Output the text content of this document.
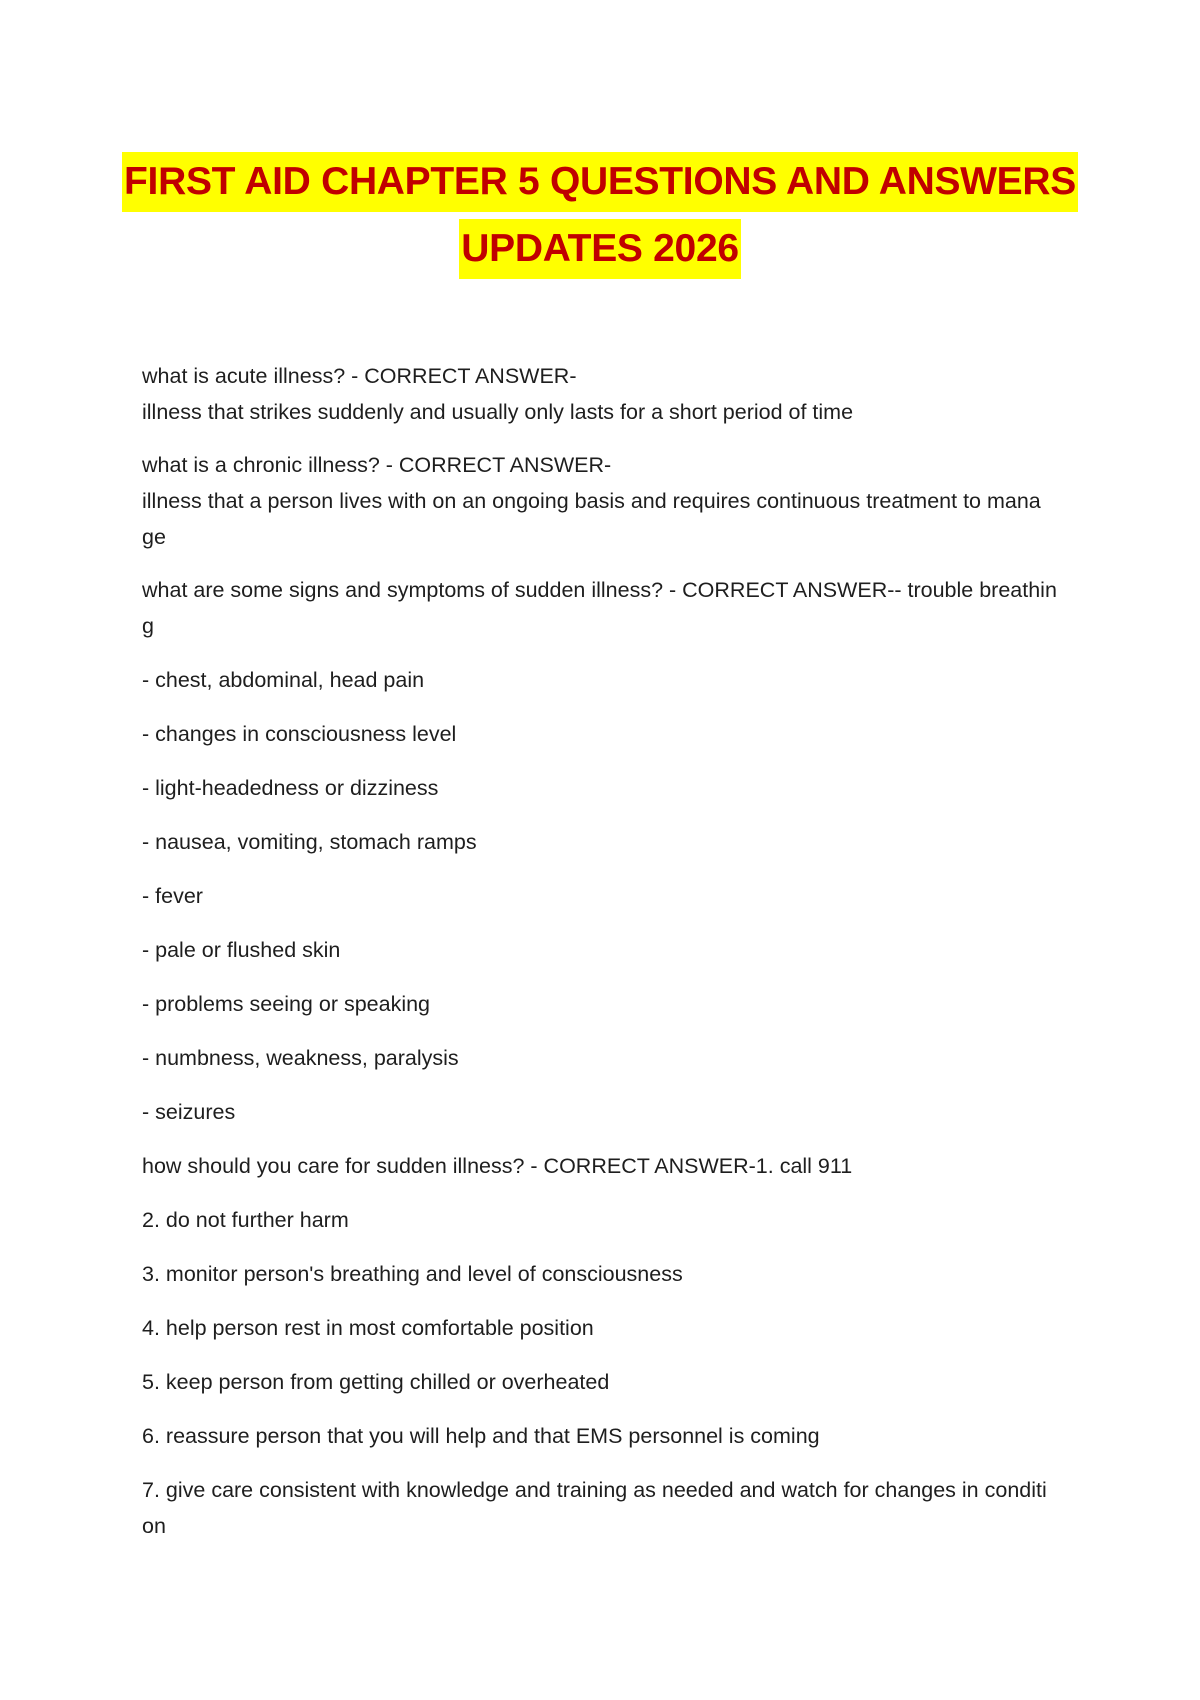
FIRST AID CHAPTER 5 QUESTIONS AND ANSWERS
UPDATES 2026
what is acute illness? - CORRECT ANSWER-
illness that strikes suddenly and usually only lasts for a short period of time
what is a chronic illness? - CORRECT ANSWER-
illness that a person lives with on an ongoing basis and requires continuous treatment to mana
ge
what are some signs and symptoms of sudden illness? - CORRECT ANSWER-- trouble breathing
- chest, abdominal, head pain
- changes in consciousness level
- light-headedness or dizziness
- nausea, vomiting, stomach ramps
- fever
- pale or flushed skin
- problems seeing or speaking
- numbness, weakness, paralysis
- seizures
how should you care for sudden illness? - CORRECT ANSWER-1. call 911
2. do not further harm
3. monitor person's breathing and level of consciousness
4. help person rest in most comfortable position
5. keep person from getting chilled or overheated
6. reassure person that you will help and that EMS personnel is coming
7. give care consistent with knowledge and training as needed and watch for changes in conditi
on
